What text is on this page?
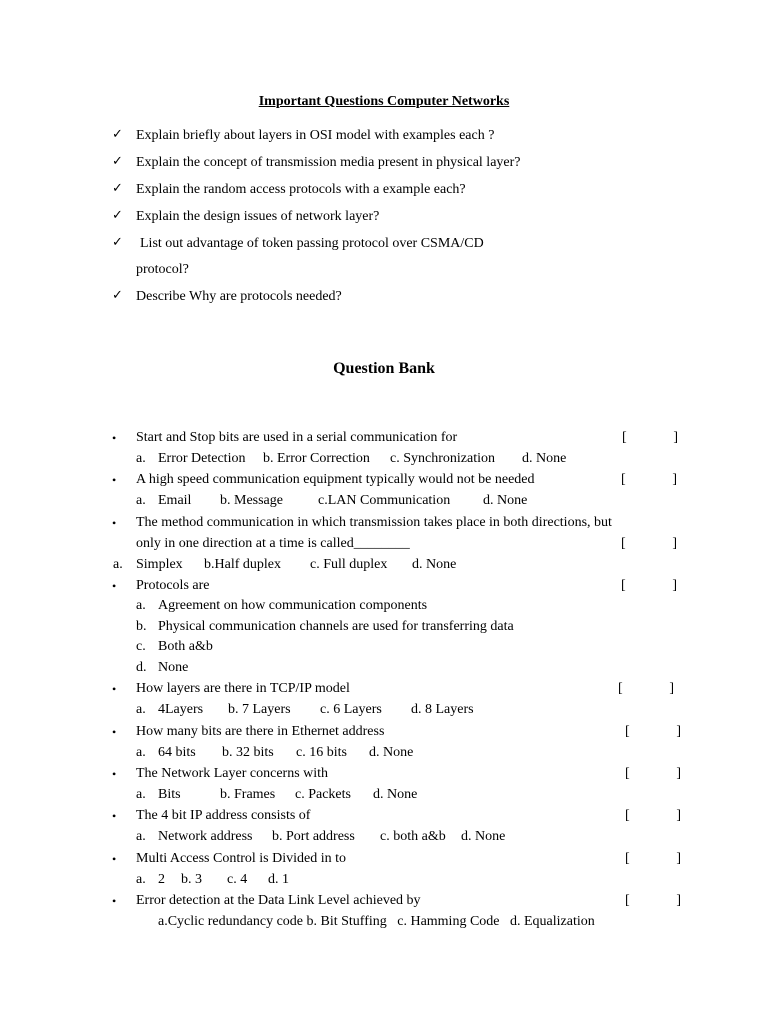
Important Questions Computer Networks
✓ Explain briefly about layers in OSI model with examples each ?
✓ Explain the concept of transmission media present in physical layer?
✓ Explain the random access protocols with a example each?
✓ Explain the design issues of network layer?
✓ List out advantage of token passing protocol over CSMA/CD
protocol?
✓ Describe Why are protocols needed?
Question Bank
•	Start and Stop bits are used in a serial communication for	[	]
a. Error Detection b. Error Correction c. Synchronization d. None
•	A high speed communication equipment typically would not be needed	[	]
a. Email b. Message	c.LAN Communication d. None
•	The method communication in which transmission takes place in both directions, but
only in one direction at a time is called________	[	]
a. Simplex b.Half duplex c. Full duplex d. None
•	Protocols are	[	]
a. Agreement on how communication components
b. Physical communication channels are used for transferring data
c. Both a&b
d. None
•	How layers are there in TCP/IP model	[	]
a. 4Layers b. 7 Layers c. 6 Layers d. 8 Layers
•	How many bits are there in Ethernet address	[	]
a. 64 bits b. 32 bits c. 16 bits d. None
•	The Network Layer concerns with	[	]
a. Bits	b. Frames c. Packets d. None
•	The 4 bit IP address consists of	[	]
a. Network address b. Port address c. both a&b d. None
•	Multi Access Control is Divided in to	[	]
a. 2 b. 3 c. 4 d. 1
•	Error detection at the Data Link Level achieved by	[	]
a.Cyclic redundancy code b. Bit Stuffing   c. Hamming Code   d. Equalization
